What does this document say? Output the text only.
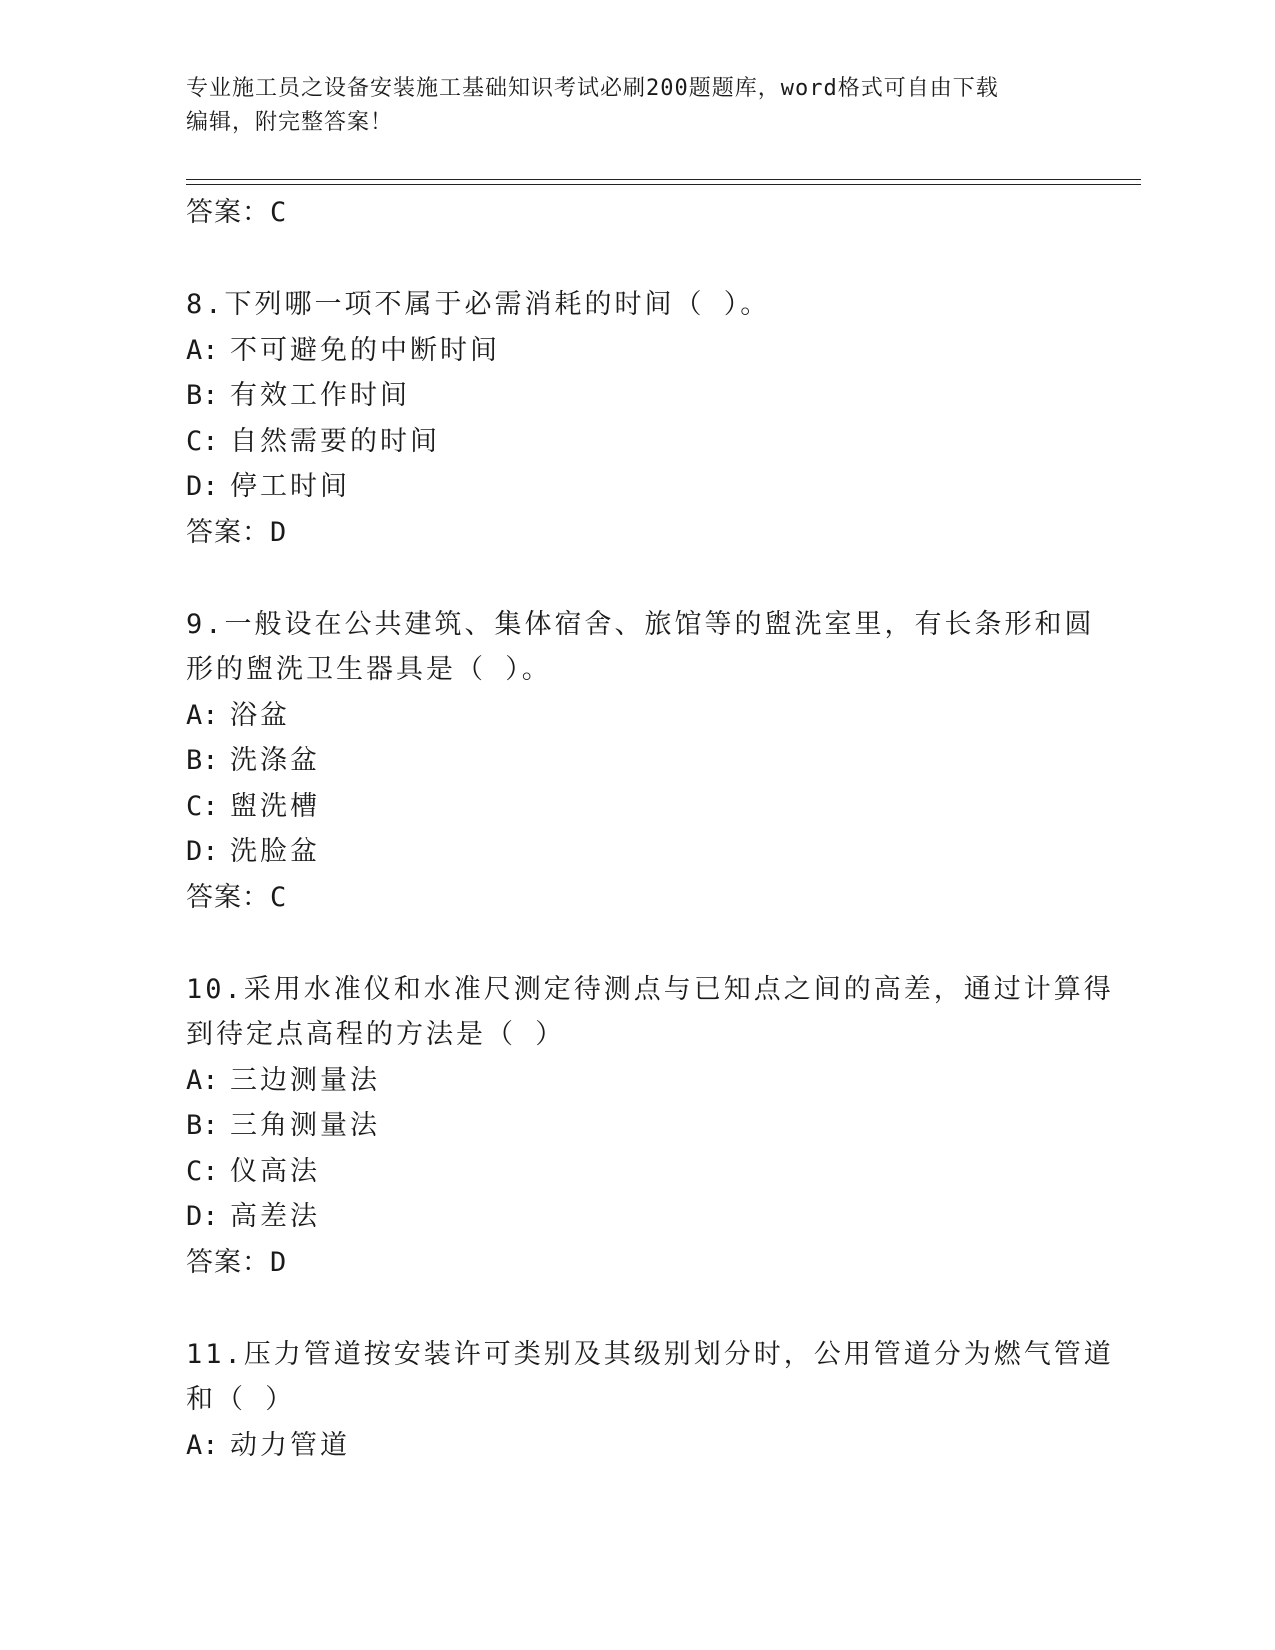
专业施工员之设备安装施工基础知识考试必刷200题题库，word格式可自由下载
编辑，附完整答案！
答案：C
8.下列哪一项不属于必需消耗的时间（ ）。
A: 不可避免的中断时间
B: 有效工作时间
C: 自然需要的时间
D: 停工时间
答案：D
9.一般设在公共建筑、集体宿舍、旅馆等的盥洗室里，有长条形和圆
形的盥洗卫生器具是（ ）。
A: 浴盆
B: 洗涤盆
C: 盥洗槽
D: 洗脸盆
答案：C
10.采用水准仪和水准尺测定待测点与已知点之间的高差，通过计算得
到待定点高程的方法是（ ）
A: 三边测量法
B: 三角测量法
C: 仪高法
D: 高差法
答案：D
11.压力管道按安装许可类别及其级别划分时，公用管道分为燃气管道
和（ ）
A: 动力管道
